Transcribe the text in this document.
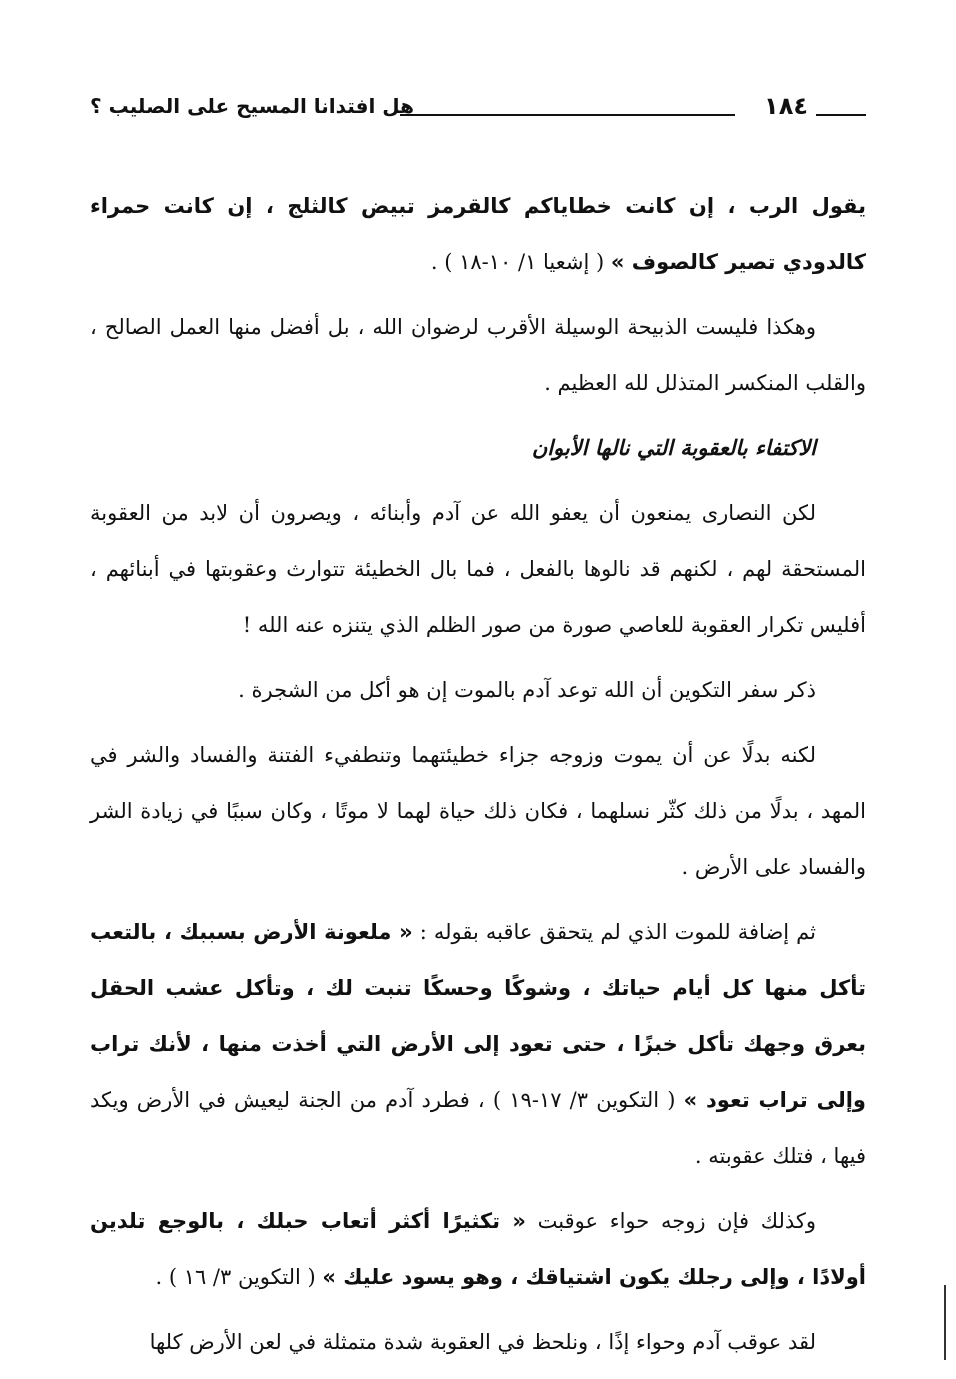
١٨٤
هل افتدانا المسيح على الصليب ؟

يقول الرب ، إن كانت خطاياكم كالقرمز تبيض كالثلج ، إن كانت حمراء كالدودي تصير كالصوف » ( إشعيا ١/ ١٠-١٨ ) .

وهكذا فليست الذبيحة الوسيلة الأقرب لرضوان الله ، بل أفضل منها العمل الصالح ، والقلب المنكسر المتذلل لله العظيم .

الاكتفاء بالعقوبة التي نالها الأبوان

لكن النصارى يمنعون أن يعفو الله عن آدم وأبنائه ، ويصرون أن لابد من العقوبة المستحقة لهم ، لكنهم قد نالوها بالفعل ، فما بال الخطيئة تتوارث وعقوبتها في أبنائهم ، أفليس تكرار العقوبة للعاصي صورة من صور الظلم الذي يتنزه عنه الله !

ذكر سفر التكوين أن الله توعد آدم بالموت إن هو أكل من الشجرة .

لكنه بدلًا عن أن يموت وزوجه جزاء خطيئتهما وتنطفيء الفتنة والفساد والشر في المهد ، بدلًا من ذلك كثّر نسلهما ، فكان ذلك حياة لهما لا موتًا ، وكان سببًا في زيادة الشر والفساد على الأرض .

ثم إضافة للموت الذي لم يتحقق عاقبه بقوله : « ملعونة الأرض بسببك ، بالتعب تأكل منها كل أيام حياتك ، وشوكًا وحسكًا تنبت لك ، وتأكل عشب الحقل بعرق وجهك تأكل خبزًا ، حتى تعود إلى الأرض التي أخذت منها ، لأنك تراب وإلى تراب تعود » ( التكوين ٣/ ١٧-١٩ ) ، فطرد آدم من الجنة ليعيش في الأرض ويكد فيها ، فتلك عقوبته .

وكذلك فإن زوجه حواء عوقبت « تكثيرًا أكثر أتعاب حبلك ، بالوجع تلدين أولادًا ، وإلى رجلك يكون اشتياقك ، وهو يسود عليك » ( التكوين ٣/ ١٦ ) .

لقد عوقب آدم وحواء إذًا ، ونلحظ في العقوبة شدة متمثلة في لعن الأرض كلها
